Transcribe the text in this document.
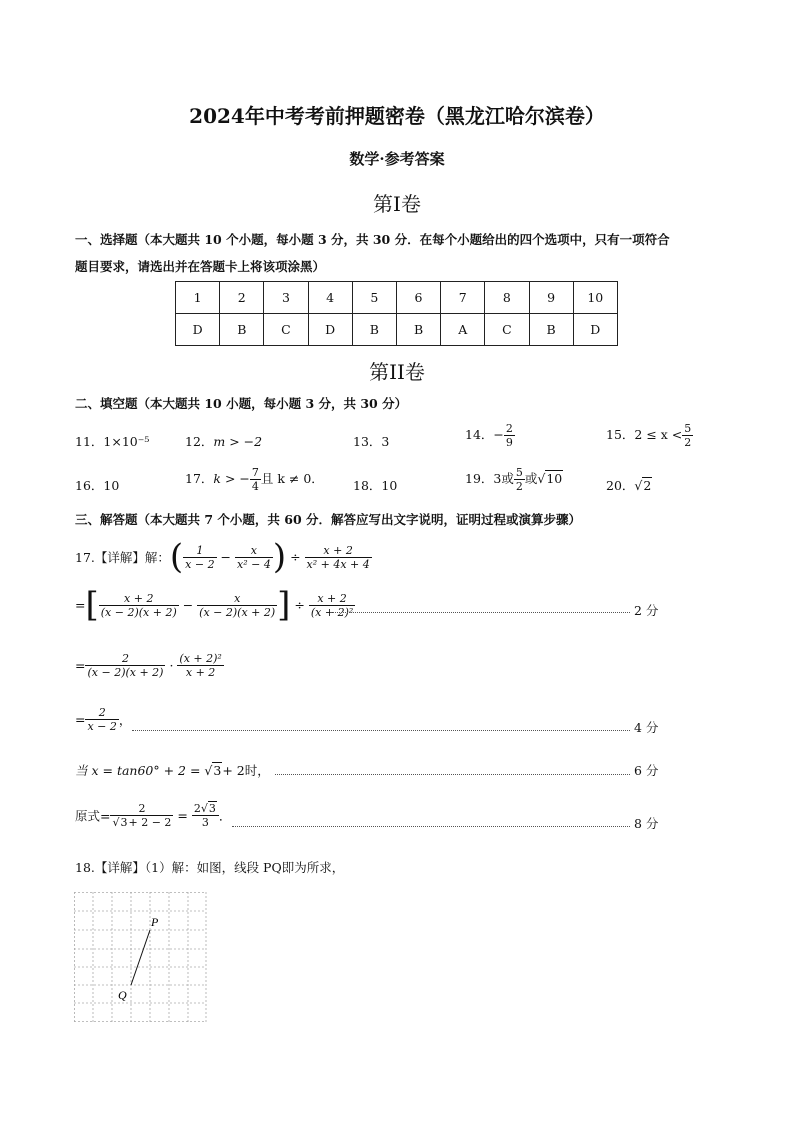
2024年中考考前押题密卷（黑龙江哈尔滨卷）
数学·参考答案
第Ⅰ卷
一、选择题（本大题共 10 个小题，每小题 3 分，共 30 分．在每个小题给出的四个选项中，只有一项符合
题目要求，请选出并在答题卡上将该项涂黑）
1	2	3	4	5	6	7	8	9	10
D	B	C	D	B	B	A	C	B	D
第II卷
二、填空题（本大题共 10 小题，每小题 3 分，共 30 分）
11．1×10⁻⁵	12．m > −2	13．3	14．− $\frac{2}{9}$	15．$2 \le x < \frac{5}{2}$
16．10	17．k > − $\frac{7}{4}$ 且 k ≠ 0． 18．10	19．3或 $\frac{5}{2}$ 或√10	20．√2
三、解答题（本大题共 7 个小题，共 60 分．解答应写出文字说明，证明过程或演算步骤）
17.【详解】解：( $\frac{1}{x - 2} - \frac{x}{\text{x² − 4}}$ ) ÷ $\frac{x + 2}{\text{x² + 4x + 4}}$
=[ $\frac{x + 2}{(x - 2)(x + 2)} - \frac{x}{(x - 2)(x + 2)}$ ] ÷ $\frac{x + 2}{\text{(x + 2)²}}$	2 分
= $\frac{2}{(x - 2)(x + 2)} \cdot \frac{\text{(x + 2)²}}{x + 2}$
= $\frac{2}{x - 2}$ ，	4 分
当 x = tan60° + 2 = √3+ 2时，	6 分
原式= $\frac{2}{√3+ 2 - 2} = \frac{2√3}{3}$ ．	8 分
18.【详解】（1）解：如图，线段 PQ即为所求，
P
Q
